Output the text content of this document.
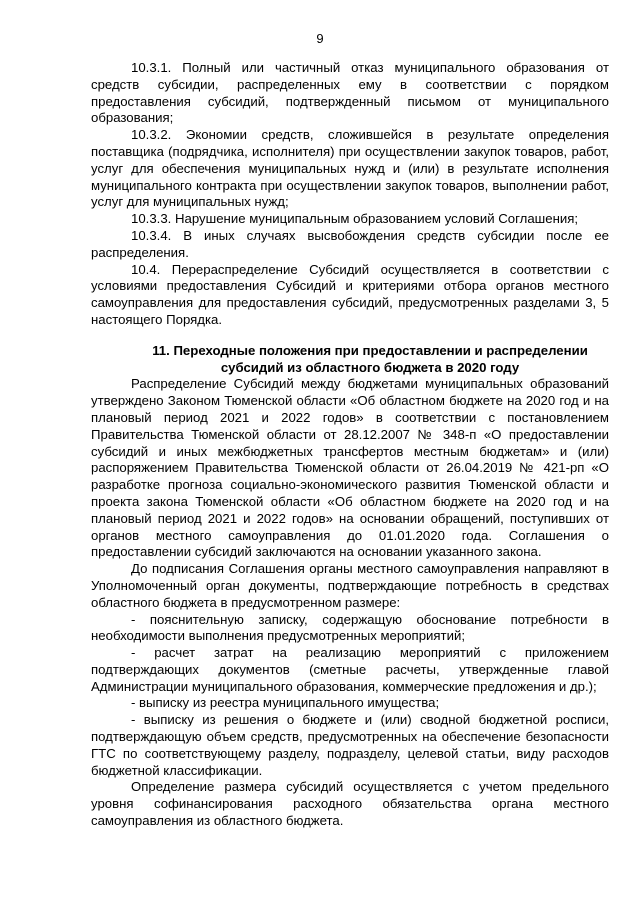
9

10.3.1. Полный или частичный отказ муниципального образования от средств субсидии, распределенных ему в соответствии с порядком предоставления субсидий, подтвержденный письмом от муниципального образования;

10.3.2. Экономии средств, сложившейся в результате определения поставщика (подрядчика, исполнителя) при осуществлении закупок товаров, работ, услуг для обеспечения муниципальных нужд и (или) в результате исполнения муниципального контракта при осуществлении закупок товаров, выполнении работ, услуг для муниципальных нужд;

10.3.3. Нарушение муниципальным образованием условий Соглашения;

10.3.4. В иных случаях высвобождения средств субсидии после ее распределения.

10.4. Перераспределение Субсидий осуществляется в соответствии с условиями предоставления Субсидий и критериями отбора органов местного самоуправления для предоставления субсидий, предусмотренных разделами 3, 5 настоящего Порядка.

11. Переходные положения при предоставлении и распределении субсидий из областного бюджета в 2020 году

Распределение Субсидий между бюджетами муниципальных образований утверждено Законом Тюменской области «Об областном бюджете на 2020 год и на плановый период 2021 и 2022 годов» в соответствии с постановлением Правительства Тюменской области от 28.12.2007 № 348-п «О предоставлении субсидий и иных межбюджетных трансфертов местным бюджетам» и (или) распоряжением Правительства Тюменской области от 26.04.2019 № 421-рп «О разработке прогноза социально-экономического развития Тюменской области и проекта закона Тюменской области «Об областном бюджете на 2020 год и на плановый период 2021 и 2022 годов» на основании обращений, поступивших от органов местного самоуправления до 01.01.2020 года. Соглашения о предоставлении субсидий заключаются на основании указанного закона.

До подписания Соглашения органы местного самоуправления направляют в Уполномоченный орган документы, подтверждающие потребность в средствах областного бюджета в предусмотренном размере:

- пояснительную записку, содержащую обоснование потребности в необходимости выполнения предусмотренных мероприятий;

- расчет затрат на реализацию мероприятий с приложением подтверждающих документов (сметные расчеты, утвержденные главой Администрации муниципального образования, коммерческие предложения и др.);

- выписку из реестра муниципального имущества;

- выписку из решения о бюджете и (или) сводной бюджетной росписи, подтверждающую объем средств, предусмотренных на обеспечение безопасности ГТС по соответствующему разделу, подразделу, целевой статьи, виду расходов бюджетной классификации.

Определение размера субсидий осуществляется с учетом предельного уровня софинансирования расходного обязательства органа местного самоуправления из областного бюджета.
